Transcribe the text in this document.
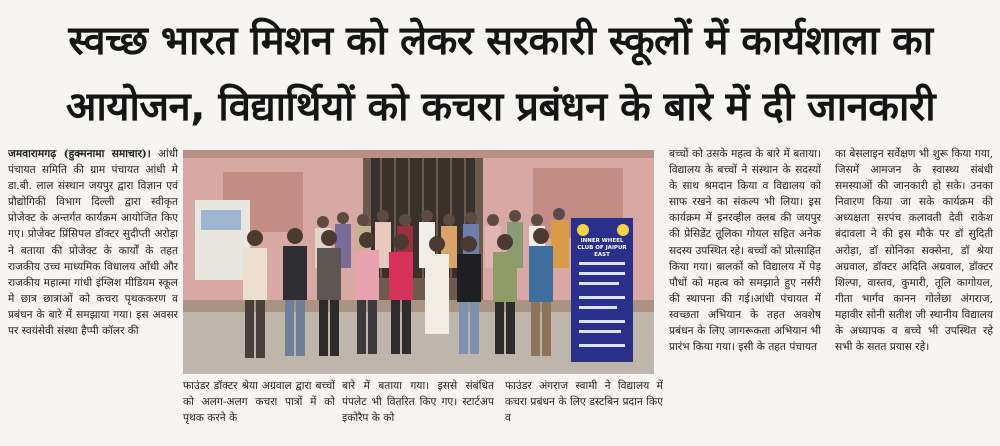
स्वच्छ भारत मिशन को लेकर सरकारी स्कूलों में कार्यशाला का
आयोजन, विद्यार्थियों को कचरा प्रबंधन के बारे में दी जानकारी

जमवारामगढ़ (हुक्मनामा समाचार)। आंधी पंचायत समिति की ग्राम पंचायत आंधी मे डा.बी. लाल संस्थान जयपुर द्वारा विज्ञान एवं प्रौद्योगिकी विभाग दिल्ली द्वारा स्वीकृत प्रोजेक्ट के अन्तर्गत कार्यक्रम आयोजित किए गए। प्रोजेक्ट प्रिंसिपल डॉक्टर सुदीप्ती अरोड़ा ने बताया की प्रोजेक्ट के कार्यों के तहत राजकीय उच्च माध्यमिक विधालय आँधी और राजकीय महात्मा गांधी इंग्लिश मीडियम स्कूल मे छात्र छात्राओं को कचरा पृथककरण व प्रबंधन के बारे में समझाया गया। इस अवसर पर स्वयंसेवी संस्था हैप्पी कॉलर की

INNER WHEEL CLUB OF JAIPUR EAST

फाउंडर डॉक्टर श्रेया अग्रवाल द्वारा बच्चों को अलग-अलग कचरा पात्रों में कोे पृथक करने के

बारे में बताया गया। इससे संबंधित पंपलेट भी वितरित किए गए। स्टार्टअप इकोरैप के को

फाउंडर अंगराज स्वामी ने विद्यालय में कचरा प्रबंधन के लिए डस्टबिन प्रदान किए व

बच्चों को उसके महत्व के बारे में बताया। विद्यालय के बच्चों ने संस्थान के सदस्यों के साथ श्रमदान किया व विद्यालय को साफ रखने का संकल्प भी लिया। इस कार्यक्रम में इनरव्हील क्लब की जयपुर की प्रेसिडेंट तूलिका गोयल सहित अनेक सदस्य उपस्थित रहे। बच्चों को प्रोत्साहित किया गया। बालकों को विद्यालय में पेड़ पौधों को महत्व को समझाते हुए नर्सरी की स्थापना की गई।आंधी पंचायत में स्वच्छता अभियान के तहत अवशेष प्रबंधन के लिए जागरूकता अभियान भी प्रारंभ किया गया। इसी के तहत पंचायत

का बेसलाइन सर्वेक्षण भी शुरू किया गया, जिसमें आमजन के स्वास्थ्य संबंधी समस्याओं की जानकारी हो सके। उनका निवारण किया जा सके कार्यक्रम की अध्यक्षता सरपंच कलावती देवी राकेश बंदावला ने की इस मौके पर डॉ सुदिती अरोड़ा, डॉ सोनिका सक्सेना, डॉ श्रेया अग्रवाल, डॉक्टर अदिति अग्रवाल, डॉक्टर शिल्पा, वास्तव, कुमारी, तूलि कागोयल, गीता भार्गव कानन गोलेछा अंगराज, महावीर सोनी सतीश जी स्थानीय विद्यालय के अध्यापक व बच्चे भी उपस्थित रहे सभी के सतत प्रयास रहे।
